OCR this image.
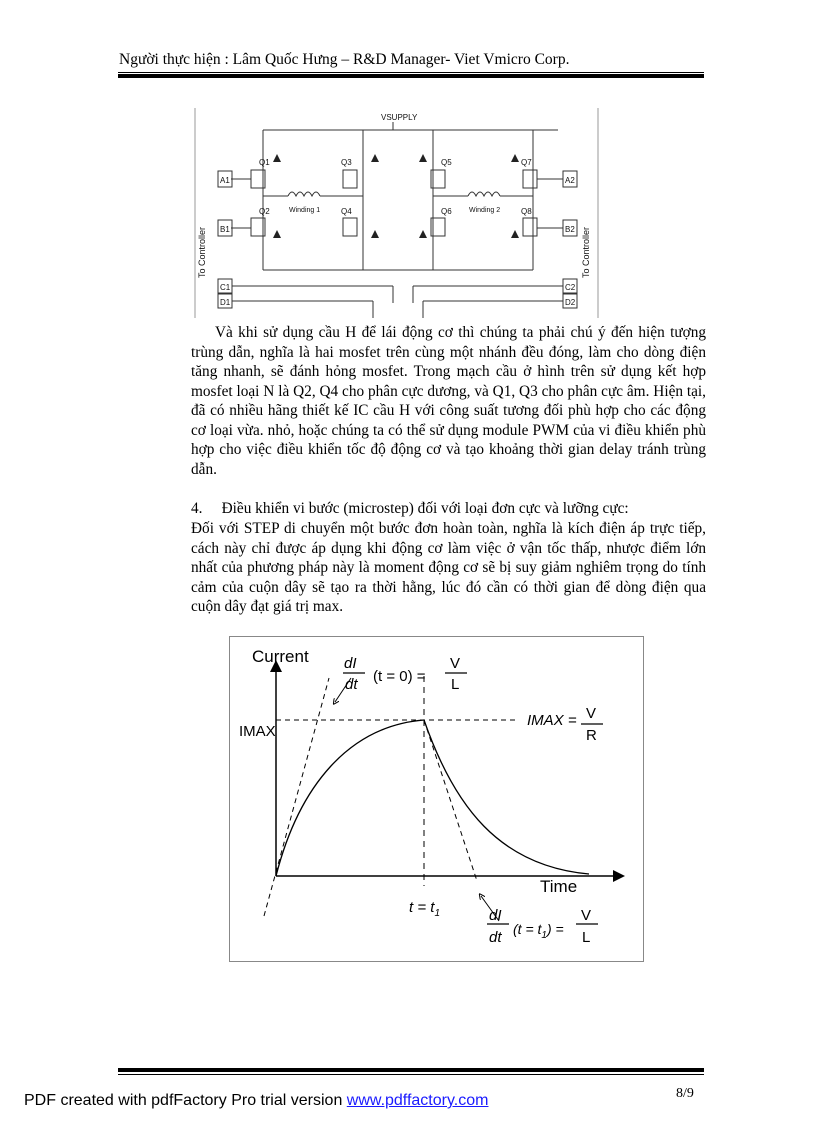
Người thực hiện : Lâm Quốc Hưng – R&D Manager- Viet Vmicro Corp.
VSUPPLY
Winding 1	Winding 2
A1
B1
C1
D1
A2
B2
C2
D2
Q1
Q2
Q3
Q4
Q5
Q6
Q7
Q8
To Controller	To Controller
Và khi sử dụng cầu H để lái động cơ thì chúng ta phải chú ý đến hiện tượng trùng dẫn, nghĩa là hai mosfet trên cùng một nhánh đều đóng, làm cho dòng điện tăng nhanh, sẽ đánh hỏng mosfet. Trong mạch cầu ở hình trên sử dụng kết hợp mosfet loại N là Q2, Q4 cho phân cực dương, và Q1, Q3 cho phân cực âm. Hiện tại, đã có nhiều hãng thiết kế IC cầu H với công suất tương đối phù hợp cho các động cơ loại vừa. nhỏ, hoặc chúng ta có thể sử dụng module PWM của vi điều khiển phù hợp cho việc điều khiển tốc độ động cơ và tạo khoảng thời gian delay tránh trùng dẫn.
4. Điều khiển vi bước (microstep) đối với loại đơn cực và lưỡng cực:
Đối với STEP di chuyển một bước đơn hoàn toàn, nghĩa là kích điện áp trực tiếp, cách này chỉ được áp dụng khi động cơ làm việc ở vận tốc thấp, nhược điểm lớn nhất của phương pháp này là moment động cơ sẽ bị suy giảm nghiêm trọng do tính cảm của cuộn dây sẽ tạo ra thời hằng, lúc đó cần có thời gian để dòng điện qua cuộn dây đạt giá trị max.
Current
Time
IMAX
dI
dt (t = 0) =
V
L
IMAX = V
R
$t = t_1$	dI
dt $(t = t_1)$ =
V
L
PDF created with pdfFactory Pro trial version www.pdffactory.com	8/9
